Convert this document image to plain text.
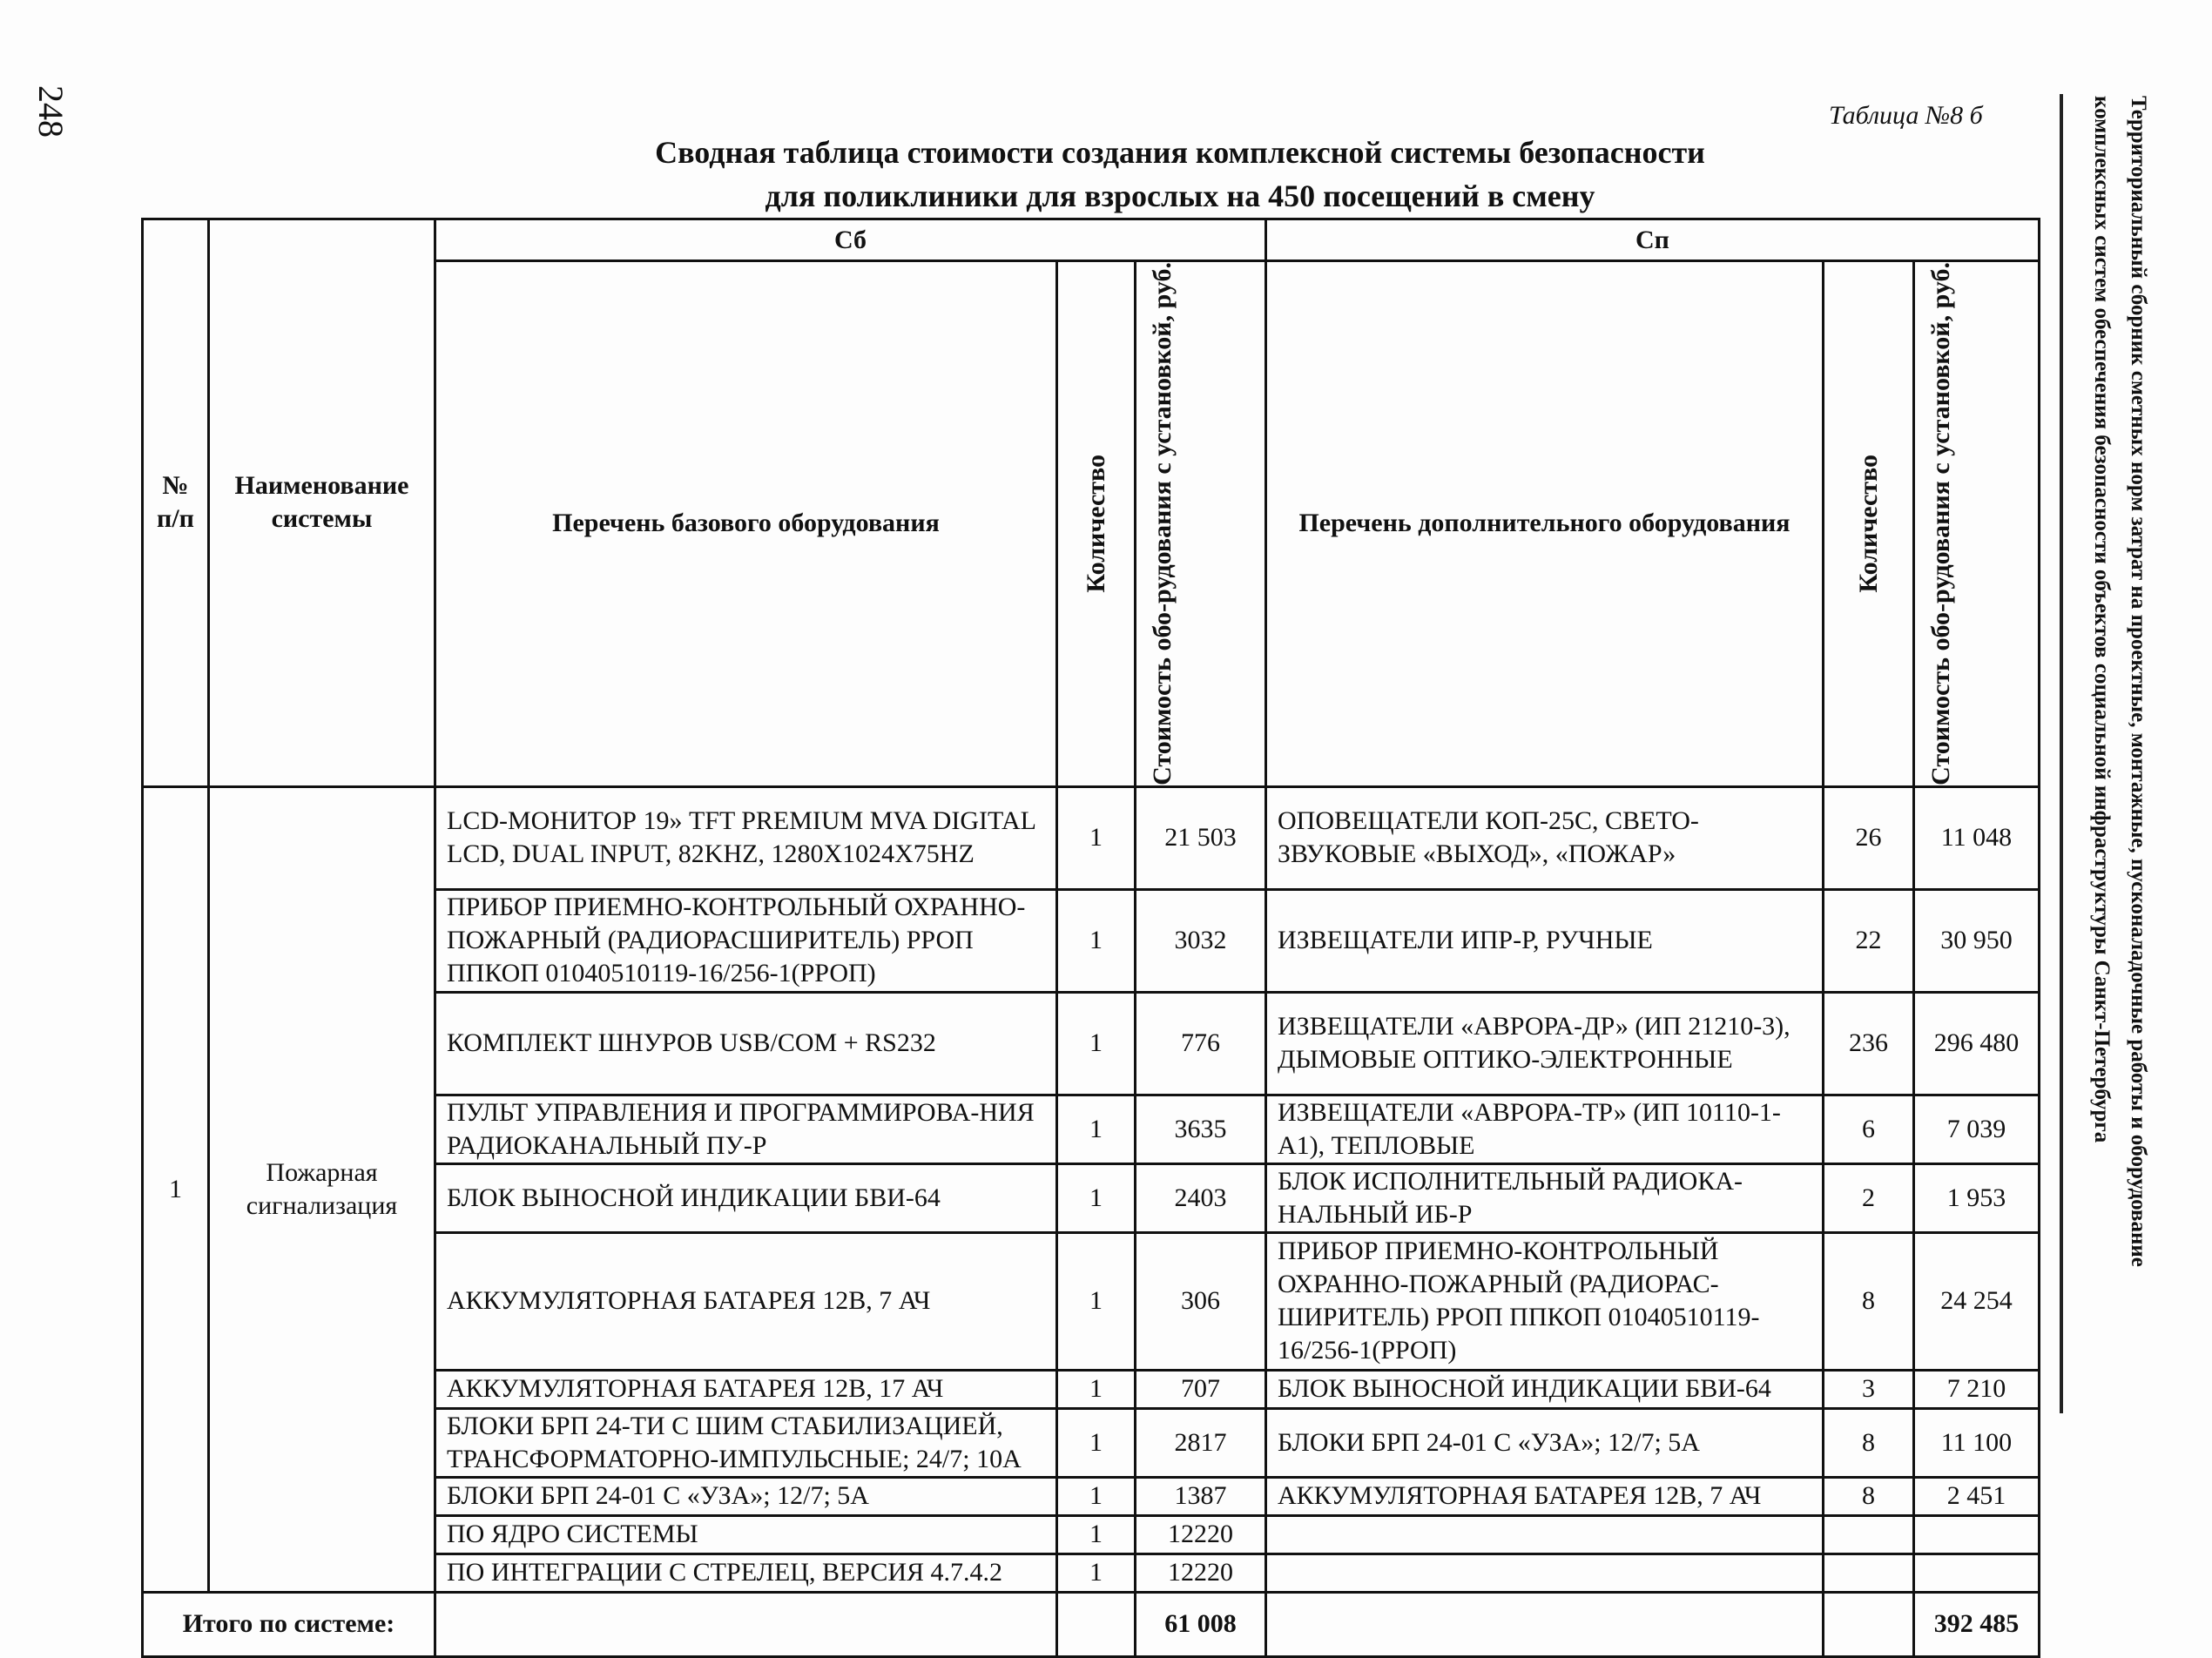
248	Территориальный сборник сметных норм затрат на проектные, монтажные, пусконаладочные работы и оборудование комплексных систем обеспечения безопасности объектов социальной инфраструктуры Санкт-Петербурга
Таблица №8 б
Сводная таблица стоимости создания комплексной системы безопасности
для поликлиники для взрослых на 450 посещений в смену
№ п/п	Наименование системы	Сб			Сп		
		Перечень базового оборудования	Количество	Стоимость обо-рудования с установкой, руб.	Перечень дополнительного оборудования	Количество	Стоимость обо-рудования с установкой, руб.

1	Пожарная сигнализация	LCD-МОНИТОР 19» TFT PREMIUM MVA DIGITAL LCD, DUAL INPUT, 82KHZ, 1280X1024X75HZ	1	21 503	ОПОВЕЩАТЕЛИ КОП-25С, СВЕТО-ЗВУКОВЫЕ «ВЫХОД», «ПОЖАР»	26	11 048
		ПРИБОР ПРИЕМНО-КОНТРОЛЬНЫЙ ОХРАННО-ПОЖАРНЫЙ (РАДИОРАСШИРИТЕЛЬ) РРОП ППКОП 01040510119-16/256-1(РРОП)	1	3032	ИЗВЕЩАТЕЛИ ИПР-Р, РУЧНЫЕ	22	30 950
		КОМПЛЕКТ ШНУРОВ USB/COM + RS232	1	776	ИЗВЕЩАТЕЛИ «АВРОРА-ДР» (ИП 21210-3), ДЫМОВЫЕ ОПТИКО-ЭЛЕКТРОННЫЕ	236	296 480
		ПУЛЬТ УПРАВЛЕНИЯ И ПРОГРАММИРОВА-НИЯ РАДИОКАНАЛЬНЫЙ ПУ-Р	1	3635	ИЗВЕЩАТЕЛИ «АВРОРА-ТР» (ИП 10110-1-А1), ТЕПЛОВЫЕ	6	7 039
		БЛОК ВЫНОСНОЙ ИНДИКАЦИИ БВИ-64	1	2403	БЛОК ИСПОЛНИТЕЛЬНЫЙ РАДИОКА-НАЛЬНЫЙ ИБ-Р	2	1 953
		АККУМУЛЯТОРНАЯ БАТАРЕЯ 12В, 7 АЧ	1	306	ПРИБОР ПРИЕМНО-КОНТРОЛЬНЫЙ ОХРАННО-ПОЖАРНЫЙ (РАДИОРАС-ШИРИТЕЛЬ) РРОП ППКОП 01040510119-16/256-1(РРОП)	8	24 254
		АККУМУЛЯТОРНАЯ БАТАРЕЯ 12В, 17 АЧ	1	707	БЛОК ВЫНОСНОЙ ИНДИКАЦИИ БВИ-64	3	7 210
		БЛОКИ БРП 24-ТИ С ШИМ СТАБИЛИЗАЦИЕЙ, ТРАНСФОРМАТОРНО-ИМПУЛЬСНЫЕ; 24/7; 10А	1	2817	БЛОКИ БРП 24-01 С «УЗА»; 12/7; 5А	8	11 100
		БЛОКИ БРП 24-01 С «УЗА»; 12/7; 5А	1	1387	АККУМУЛЯТОРНАЯ БАТАРЕЯ 12В, 7 АЧ	8	2 451
		ПО ЯДРО СИСТЕМЫ	1	12220			
		ПО ИНТЕГРАЦИИ С СТРЕЛЕЦ, ВЕРСИЯ 4.7.4.2	1	12220			
Итого по системе:				61 008			392 485
